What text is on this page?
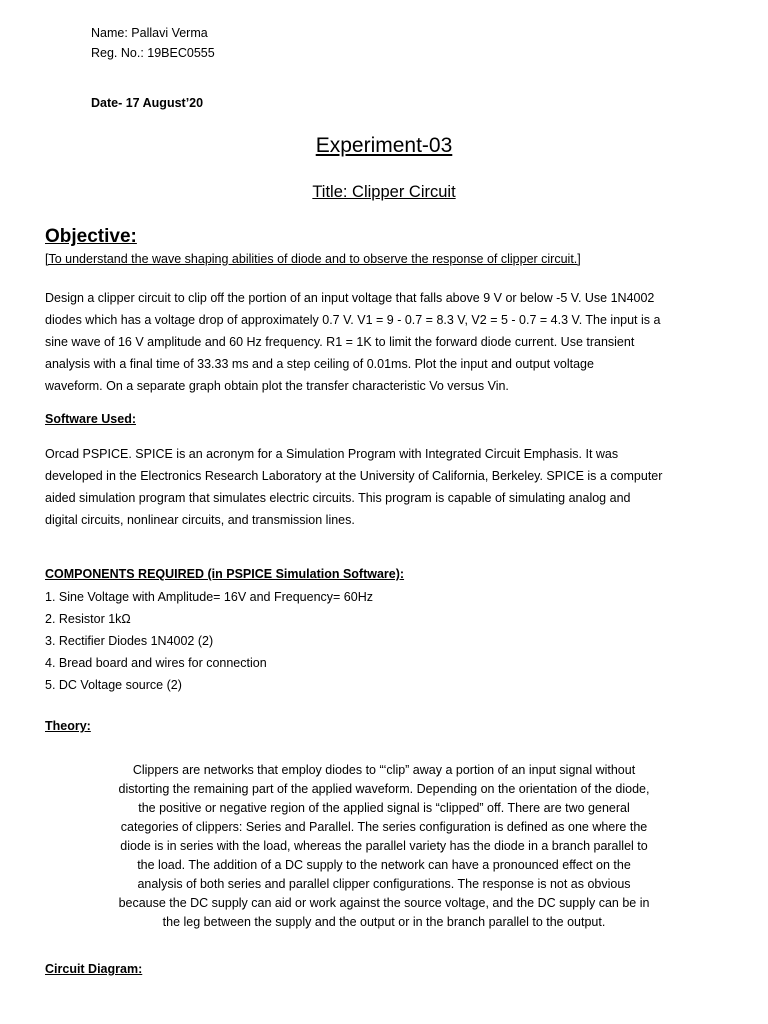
Name: Pallavi Verma
Reg. No.: 19BEC0555
Date- 17 August’20
Experiment-03
Title: Clipper Circuit
Objective:
[To understand the wave shaping abilities of diode and to observe the response of clipper circuit.]
Design a clipper circuit to clip off the portion of an input voltage that falls above 9 V or below -5 V. Use 1N4002
diodes which has a voltage drop of approximately 0.7 V. V1 = 9 - 0.7 = 8.3 V, V2 = 5 - 0.7 = 4.3 V. The input is a
sine wave of 16 V amplitude and 60 Hz frequency. R1 = 1K to limit the forward diode current. Use transient
analysis with a final time of 33.33 ms and a step ceiling of 0.01ms. Plot the input and output voltage
waveform. On a separate graph obtain plot the transfer characteristic Vo versus Vin.
Software Used:
Orcad PSPICE. SPICE is an acronym for a Simulation Program with Integrated Circuit Emphasis. It was
developed in the Electronics Research Laboratory at the University of California, Berkeley. SPICE is a computer
aided simulation program that simulates electric circuits. This program is capable of simulating analog and
digital circuits, nonlinear circuits, and transmission lines.
COMPONENTS REQUIRED (in PSPICE Simulation Software):
1. Sine Voltage with Amplitude= 16V and Frequency= 60Hz
2. Resistor 1kΩ
3. Rectifier Diodes 1N4002 (2)
4. Bread board and wires for connection
5. DC Voltage source (2)
Theory:
Clippers are networks that employ diodes to “‘clip” away a portion of an input signal without
distorting the remaining part of the applied waveform. Depending on the orientation of the diode,
the positive or negative region of the applied signal is “clipped” off. There are two general
categories of clippers: Series and Parallel. The series configuration is defined as one where the
diode is in series with the load, whereas the parallel variety has the diode in a branch parallel to
the load. The addition of a DC supply to the network can have a pronounced effect on the
analysis of both series and parallel clipper configurations. The response is not as obvious
because the DC supply can aid or work against the source voltage, and the DC supply can be in
the leg between the supply and the output or in the branch parallel to the output.
Circuit Diagram:
